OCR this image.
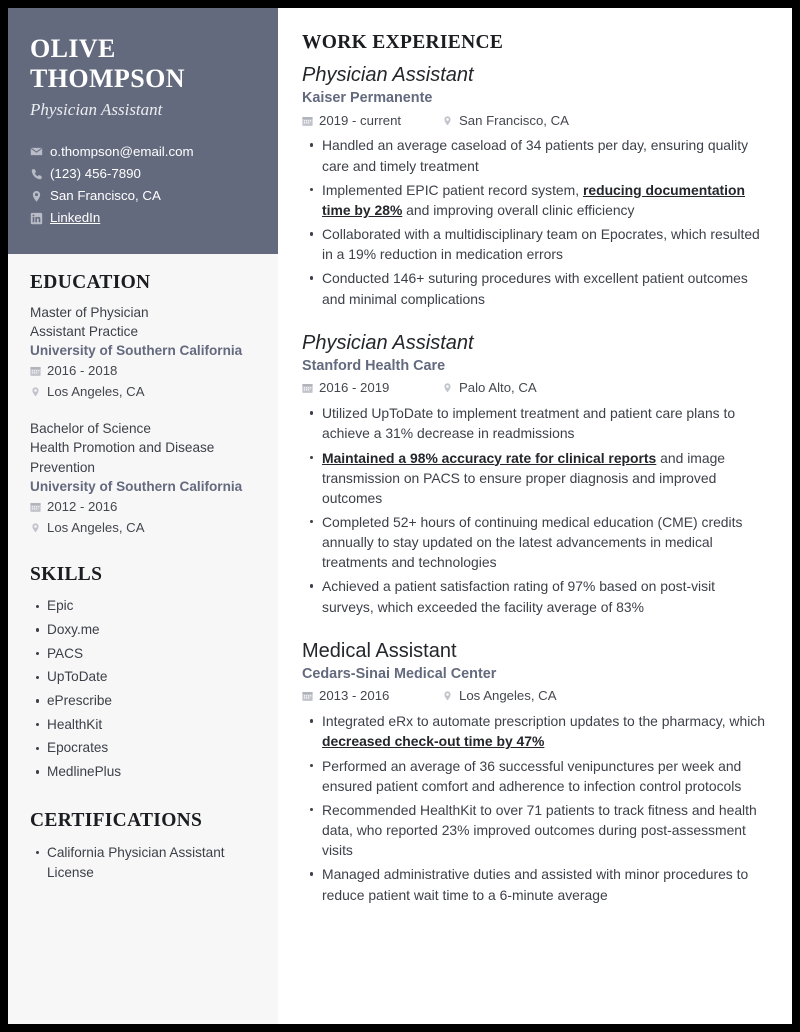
OLIVE
THOMPSON
Physician Assistant
o.thompson@email.com
(123) 456-7890
San Francisco, CA
LinkedIn
EDUCATION
Master of Physician
Assistant Practice
University of Southern California
2016 - 2018
Los Angeles, CA
Bachelor of Science
Health Promotion and Disease Prevention
University of Southern California
2012 - 2016
Los Angeles, CA
SKILLS
Epic
Doxy.me
PACS
UpToDate
ePrescribe
HealthKit
Epocrates
MedlinePlus
CERTIFICATIONS
California Physician Assistant License
WORK EXPERIENCE
Physician Assistant
Kaiser Permanente
2019 - current	San Francisco, CA
Handled an average caseload of 34 patients per day, ensuring quality care and timely treatment
Implemented EPIC patient record system, reducing documentation time by 28% and improving overall clinic efficiency
Collaborated with a multidisciplinary team on Epocrates, which resulted in a 19% reduction in medication errors
Conducted 146+ suturing procedures with excellent patient outcomes and minimal complications
Physician Assistant
Stanford Health Care
2016 - 2019	Palo Alto, CA
Utilized UpToDate to implement treatment and patient care plans to achieve a 31% decrease in readmissions
Maintained a 98% accuracy rate for clinical reports and image transmission on PACS to ensure proper diagnosis and improved outcomes
Completed 52+ hours of continuing medical education (CME) credits annually to stay updated on the latest advancements in medical treatments and technologies
Achieved a patient satisfaction rating of 97% based on post-visit surveys, which exceeded the facility average of 83%
Medical Assistant
Cedars-Sinai Medical Center
2013 - 2016	Los Angeles, CA
Integrated eRx to automate prescription updates to the pharmacy, which decreased check-out time by 47%
Performed an average of 36 successful venipunctures per week and ensured patient comfort and adherence to infection control protocols
Recommended HealthKit to over 71 patients to track fitness and health data, who reported 23% improved outcomes during post-assessment visits
Managed administrative duties and assisted with minor procedures to reduce patient wait time to a 6-minute average
